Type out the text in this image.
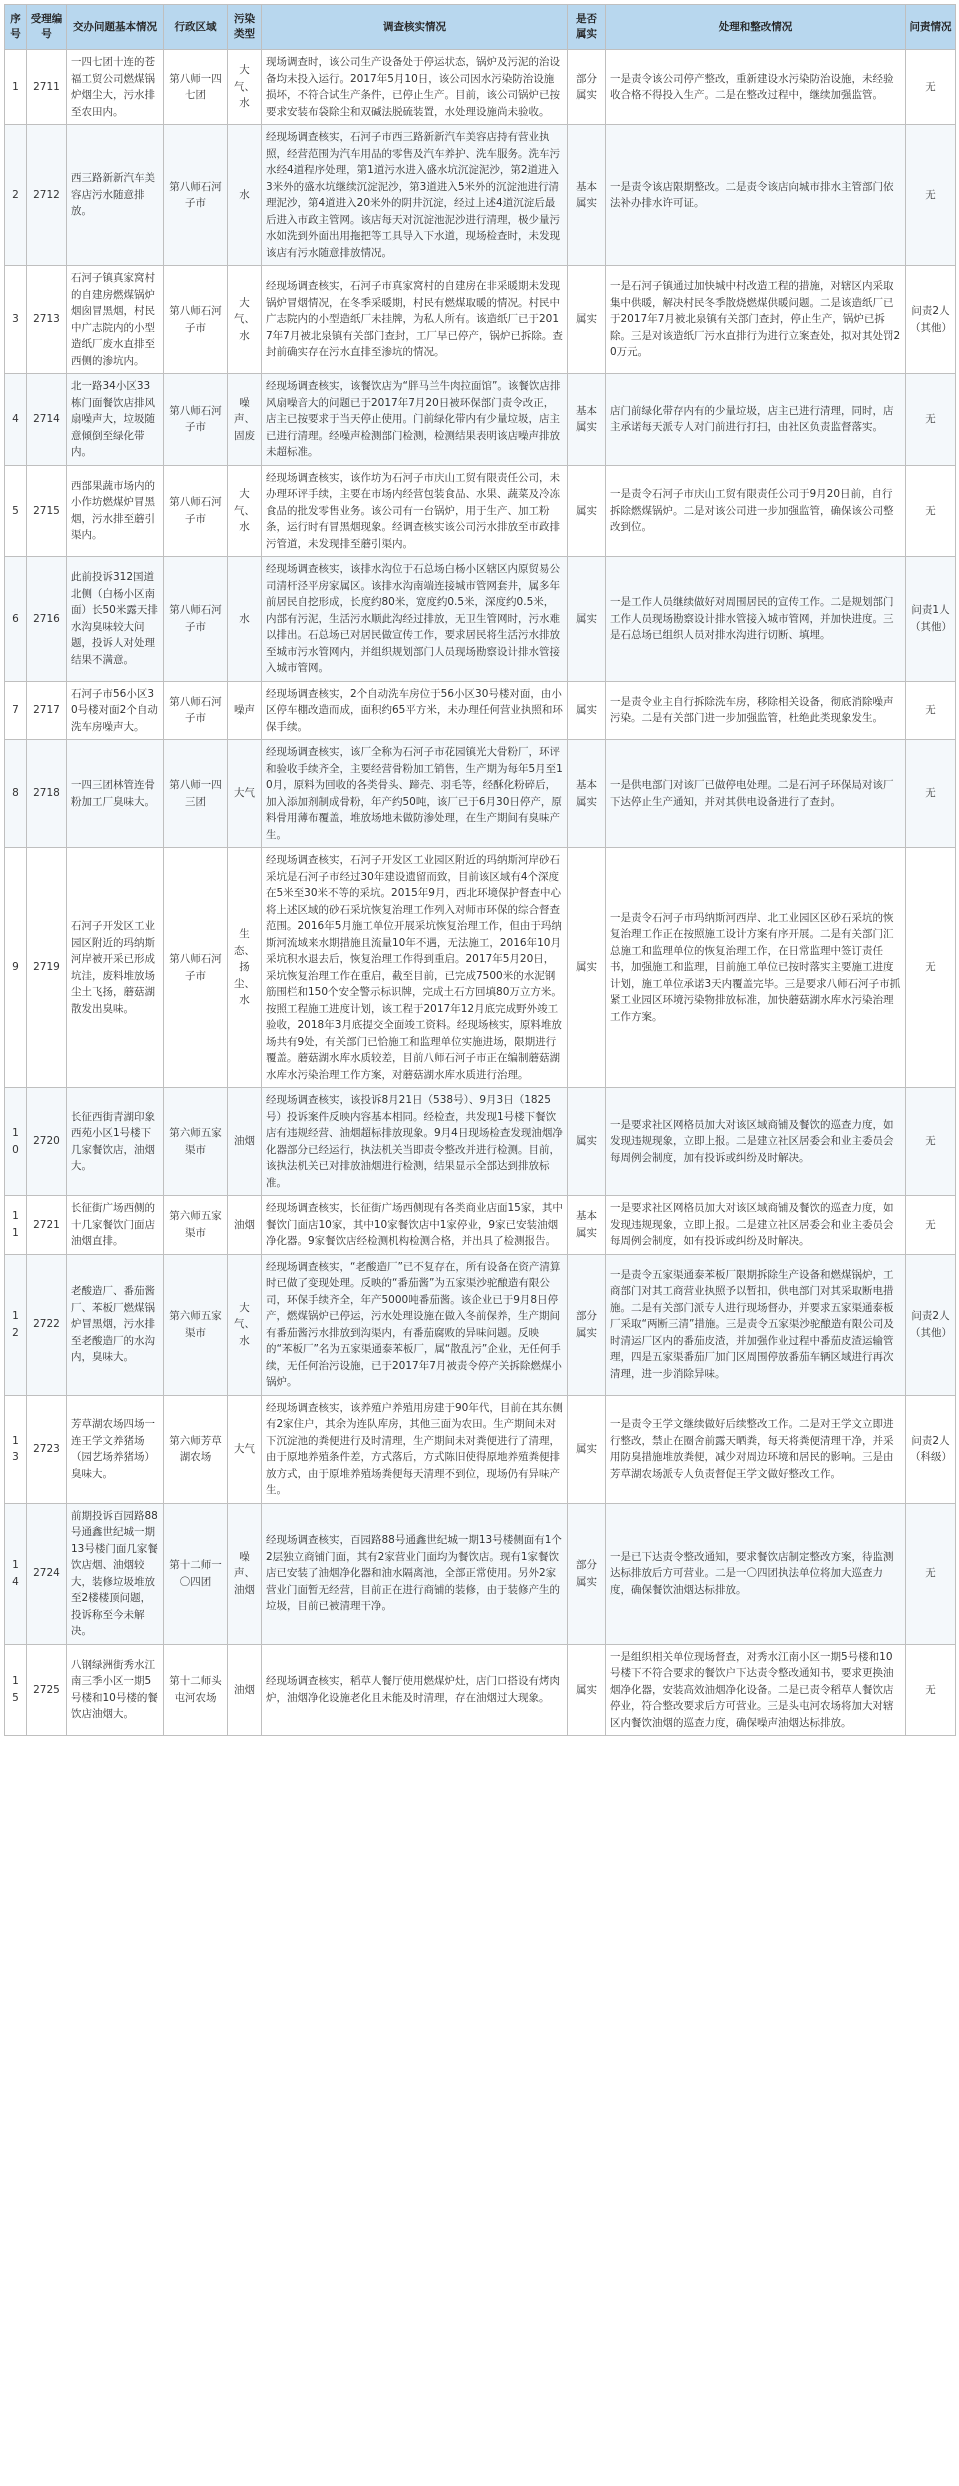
序号	受理编号	交办问题基本情况	行政区域	污染类型	调查核实情况	是否属实	处理和整改情况	问责情况
1	2711	一四七团十连的苍福工贸公司燃煤锅炉烟尘大，污水排至农田内。	第八师一四七团	大气、水	现场调查时，该公司生产设备处于停运状态，锅炉及污泥的治设备均未投入运行。2017年5月10日，该公司因水污染防治设施损坏，不符合试生产条件，已停止生产。目前，该公司锅炉已按要求安装布袋除尘和双碱法脱硫装置，水处理设施尚未验收。	部分属实	一是责令该公司停产整改，重新建设水污染防治设施，未经验收合格不得投入生产。二是在整改过程中，继续加强监管。	无
2	2712	西三路新新汽车美容店污水随意排放。	第八师石河子市	水	经现场调查核实，石河子市西三路新新汽车美容店持有营业执照，经营范围为汽车用品的零售及汽车养护、洗车服务。洗车污水经4道程序处理，第1道污水进入盛水坑沉淀泥沙，第2道进入3米外的盛水坑继续沉淀泥沙，第3道进入5米外的沉淀池进行清理泥沙，第4道进入20米外的阴井沉淀，经过上述4道沉淀后最后进入市政主管网。该店每天对沉淀池泥沙进行清理，极少量污水如洗到外面出用拖把等工具导入下水道，现场检查时，未发现该店有污水随意排放情况。	基本属实	一是责令该店限期整改。二是责令该店向城市排水主管部门依法补办排水许可证。	无
3	2713	石河子镇真家窝村的自建房燃煤锅炉烟囱冒黑烟，村民中广志院内的小型造纸厂废水直排至西侧的渗坑内。	第八师石河子市	大气、水	经现场调查核实，石河子市真家窝村的自建房在非采暖期未发现锅炉冒烟情况，在冬季采暖期，村民有燃煤取暖的情况。村民中广志院内的小型造纸厂未挂牌，为私人所有。该造纸厂已于2017年7月被北泉镇有关部门查封，工厂早已停产，锅炉已拆除。查封前确实存在污水直排至渗坑的情况。	属实	一是石河子镇通过加快城中村改造工程的措施，对辖区内采取集中供暖，解决村民冬季散烧燃煤供暖问题。二是该造纸厂已于2017年7月被北泉镇有关部门查封，停止生产，锅炉已拆除。三是对该造纸厂污水直排行为进行立案查处，拟对其处罚20万元。	问责2人（其他）
4	2714	北一路34小区33栋门面餐饮店排风扇噪声大，垃圾随意倾倒至绿化带内。	第八师石河子市	噪声、固废	经现场调查核实，该餐饮店为“胖马兰牛肉拉面馆”。该餐饮店排风扇噪音大的问题已于2017年7月20日被环保部门责令改正，店主已按要求于当天停止使用。门前绿化带内有少量垃圾，店主已进行清理。经噪声检测部门检测，检测结果表明该店噪声排放未超标准。	基本属实	店门前绿化带存内有的少量垃圾，店主已进行清理，同时，店主承诺每天派专人对门前进行打扫，由社区负责监督落实。	无
5	2715	西部果蔬市场内的小作坊燃煤炉冒黑烟，污水排至蘑引渠内。	第八师石河子市	大气、水	经现场调查核实，该作坊为石河子市庆山工贸有限责任公司，未办理环评手续，主要在市场内经营包装食品、水果、蔬菜及冷冻食品的批发零售业务。该公司有一台锅炉，用于生产、加工粉条，运行时有冒黑烟现象。经调查核实该公司污水排放至市政排污管道，未发现排至蘑引渠内。	属实	一是责令石河子市庆山工贸有限责任公司于9月20日前，自行拆除燃煤锅炉。二是对该公司进一步加强监管，确保该公司整改到位。	无
6	2716	此前投诉312国道北侧（白杨小区南面）长50米露天排水沟臭味较大问题，投诉人对处理结果不满意。	第八师石河子市	水	经现场调查核实，该排水沟位于石总场白杨小区辖区内原贸易公司清杆泾平房家属区。该排水沟南端连接城市管网套井，属多年前居民自挖形成，长度约80米，宽度约0.5米，深度约0.5米，内部有污泥，生活污水顺此沟经过排放，无卫生管网时，污水难以排出。石总场已对居民做宣传工作，要求居民将生活污水排放至城市污水管网内，并组织规划部门人员现场勘察设计排水管接入城市管网。	属实	一是工作人员继续做好对周围居民的宣传工作。二是规划部门工作人员现场勘察设计排水管接入城市管网，并加快进度。三是石总场已组织人员对排水沟进行切断、填埋。	问责1人（其他）
7	2717	石河子市56小区30号楼对面2个自动洗车房噪声大。	第八师石河子市	噪声	经现场调查核实，2个自动洗车房位于56小区30号楼对面，由小区停车棚改造而成，面积约65平方米，未办理任何营业执照和环保手续。	属实	一是责令业主自行拆除洗车房，移除相关设备，彻底消除噪声污染。二是有关部门进一步加强监管，杜绝此类现象发生。	无
8	2718	一四三团林管连骨粉加工厂臭味大。	第八师一四三团	大气	经现场调查核实，该厂全称为石河子市花园镇光大骨粉厂，环评和验收手续齐全，主要经营骨粉加工销售，生产期为每年5月至10月，原料为回收的各类骨头、蹄壳、羽毛等，经酥化粉碎后，加入添加剂制成骨粉，年产约50吨，该厂已于6月30日停产，原料骨用薄布覆盖，堆放场地未做防渗处理，在生产期间有臭味产生。	基本属实	一是供电部门对该厂已做停电处理。二是石河子环保局对该厂下达停止生产通知，并对其供电设备进行了查封。	无
9	2719	石河子开发区工业园区附近的玛纳斯河岸被开采已形成坑洼，废料堆放场尘土飞扬，蘑菇湖散发出臭味。	第八师石河子市	生态、扬尘、水	经现场调查核实，石河子开发区工业园区附近的玛纳斯河岸砂石采坑是石河子市经过30年建设遗留而致，目前该区域有4个深度在5米至30米不等的采坑。2015年9月，西北环境保护督查中心将上述区域的砂石采坑恢复治理工作列入对师市环保的综合督查范围。2016年5月施工单位开展采坑恢复治理工作，但由于玛纳斯河流域来水期措施且流量10年不遇，无法施工，2016年10月采坑积水退去后，恢复治理工作得到重启。2017年5月20日，采坑恢复治理工作在重启，截至目前，已完成7500米的水泥钢筋围栏和150个安全警示标识牌，完成土石方回填80万立方米。按照工程施工进度计划，该工程于2017年12月底完成野外竣工验收，2018年3月底提交全面竣工资料。经现场核实，原料堆放场共有9处，有关部门已恰施工和监理单位实施进场，限期进行覆盖。蘑菇湖水库水质较差，目前八师石河子市正在编制蘑菇湖水库水污染治理工作方案，对蘑菇湖水库水质进行治理。	属实	一是责令石河子市玛纳斯河西岸、北工业园区区砂石采坑的恢复治理工作正在按照施工设计方案有序开展。二是有关部门汇总施工和监理单位的恢复治理工作，在日常监理中签订责任书，加强施工和监理，目前施工单位已按时落实主要施工进度计划，施工单位承诺3天内覆盖完毕。三是要求八师石河子市抓紧工业园区环境污染物排放标准，加快蘑菇湖水库水污染治理工作方案。	无
10	2720	长征西街青湖印象西苑小区1号楼下几家餐饮店，油烟大。	第六师五家渠市	油烟	经现场调查核实，该投诉8月21日（538号）、9月3日（1825号）投诉案件反映内容基本相同。经检查，共发现1号楼下餐饮店有违规经营、油烟超标排放现象。9月4日现场检查发现油烟净化器部分已经运行，执法机关当即责令整改并进行检测。目前，该执法机关已对排放油烟进行检测，结果显示全部达到排放标准。	属实	一是要求社区网格员加大对该区域商铺及餐饮的巡查力度，如发现违规现象，立即上报。二是建立社区居委会和业主委员会每周例会制度，加有投诉或纠纷及时解决。	无
11	2721	长征街广场西侧的十几家餐饮门面店油烟直排。	第六师五家渠市	油烟	经现场调查核实，长征街广场西侧现有各类商业店面15家，其中餐饮门面店10家，其中10家餐饮店中1家停业，9家已安装油烟净化器。9家餐饮店经检测机构检测合格，并出具了检测报告。	基本属实	一是要求社区网格员加大对该区域商铺及餐饮的巡查力度，如发现违规现象，立即上报。二是建立社区居委会和业主委员会每周例会制度，如有投诉或纠纷及时解决。	无
12	2722	老酸造厂、番茄酱厂、苯板厂燃煤锅炉冒黑烟，污水排至老酸造厂的水沟内，臭味大。	第六师五家渠市	大气、水	经现场调查核实，“老酸造厂”已不复存在，所有设备在资产清算时已做了变现处理。反映的“番茄酱”为五家渠沙驼酿造有限公司，环保手续齐全，年产5000吨番茄酱。该企业已于9月8日停产，燃煤锅炉已停运，污水处理设施在做入冬前保养，生产期间有番茄酱污水排放到沟渠内，有番茄腐败的异味问题。反映的“苯板厂”名为五家渠通泰苯板厂，属“散乱污”企业，无任何手续，无任何治污设施，已于2017年7月被责令停产关拆除燃煤小锅炉。	部分属实	一是责令五家渠通泰苯板厂限期拆除生产设备和燃煤锅炉，工商部门对其工商营业执照予以暂扣，供电部门对其采取断电措施。二是有关部门派专人进行现场督办，并要求五家渠通泰板厂采取“两断三清”措施。三是责令五家渠沙驼酿造有限公司及时清运厂区内的番茄皮渣，并加强作业过程中番茄皮渣运输管理，四是五家渠番茄厂加门区周围停放番茄车辆区域进行再次清理，进一步消除异味。	问责2人（其他）
13	2723	芳草湖农场四场一连王学文养猪场（园艺场养猪场）臭味大。	第六师芳草湖农场	大气	经现场调查核实，该养殖户养殖用房建于90年代，目前在其东侧有2家住户，其余为连队库房，其他三面为农田。生产期间未对下沉淀池的粪便进行及时清理，生产期间未对粪便进行了清理，由于原地养殖条件差，方式落后，方式陈旧使得原地养殖粪便排放方式，由于原堆养殖场粪便每天清理不到位，现场仍有异味产生。	属实	一是责令王学文继续做好后续整改工作。二是对王学文立即进行整改，禁止在圈舍前露天晒粪，每天将粪便清理干净，并采用防臭措施堆放粪便，减少对周边环境和居民的影响。三是由芳草湖农场派专人负责督促王学文做好整改工作。	问责2人（科级）
14	2724	前期投诉百园路88号通鑫世纪城一期13号楼门面几家餐饮店烟、油烟较大，装修垃圾堆放至2楼楼顶问题，投诉称至今未解决。	第十二师一〇四团	噪声、油烟	经现场调查核实，百园路88号通鑫世纪城一期13号楼侧面有1个2层独立商铺门面，其有2家营业门面均为餐饮店。现有1家餐饮店已安装了油烟净化器和油水隔离池，全部正常使用。另外2家营业门面暂无经营，目前正在进行商铺的装修，由于装修产生的垃圾，目前已被清理干净。	部分属实	一是已下达责令整改通知，要求餐饮店制定整改方案，待监测达标排放后方可营业。二是一〇四团执法单位将加大巡查力度，确保餐饮油烟达标排放。	无
15	2725	八钢绿洲街秀水江南三季小区一期5号楼和10号楼的餐饮店油烟大。	第十二师头屯河农场	油烟	经现场调查核实，稻草人餐厅使用燃煤炉灶，店门口搭设有烤肉炉，油烟净化设施老化且未能及时清理，存在油烟过大现象。	属实	一是组织相关单位现场督查，对秀水江南小区一期5号楼和10号楼下不符合要求的餐饮户下达责令整改通知书，要求更换油烟净化器，安装高效油烟净化设备。二是已责令稻草人餐饮店停业，符合整改要求后方可营业。三是头屯河农场将加大对辖区内餐饮油烟的巡查力度，确保噪声油烟达标排放。	无
